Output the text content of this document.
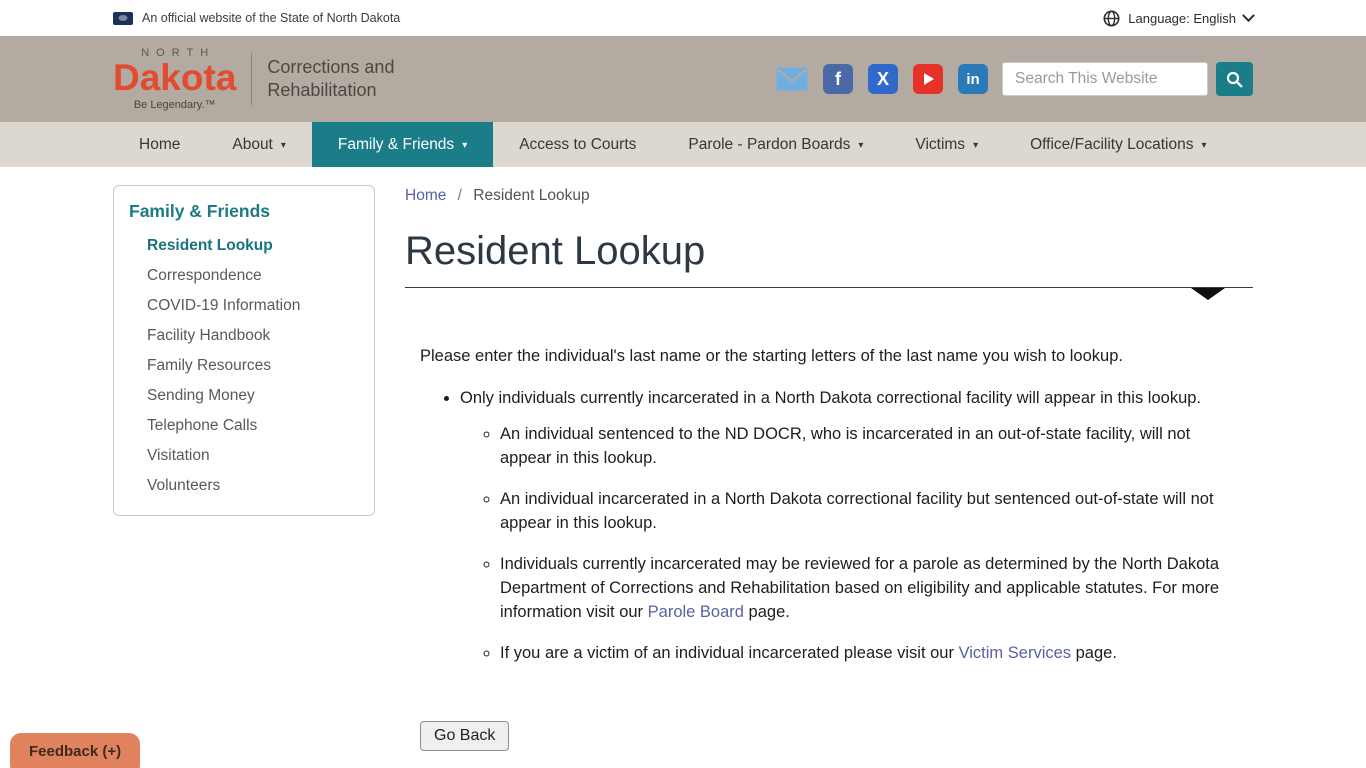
An official website of the State of North Dakota	Language: English
NORTH
Dakota
Be Legendary.™
Corrections and Rehabilitation
f	X	in
Search This Website
Home	About ▾	Family & Friends ▾	Access to Courts	Parole - Pardon Boards ▾	Victims ▾	Office/Facility Locations ▾
Family & Friends
Resident Lookup
Correspondence
COVID-19 Information
Facility Handbook
Family Resources
Sending Money
Telephone Calls
Visitation
Volunteers
Home / Resident Lookup
Resident Lookup

Please enter the individual's last name or the starting letters of the last name you wish to lookup.

• Only individuals currently incarcerated in a North Dakota correctional facility will appear in this lookup.
◦ An individual sentenced to the ND DOCR, who is incarcerated in an out-of-state facility, will not appear in this lookup.
◦ An individual incarcerated in a North Dakota correctional facility but sentenced out-of-state will not appear in this lookup.
◦ Individuals currently incarcerated may be reviewed for a parole as determined by the North Dakota Department of Corrections and Rehabilitation based on eligibility and applicable statutes. For more information visit our Parole Board page.
◦ If you are a victim of an individual incarcerated please visit our Victim Services page.
Go Back
Feedback (+)
